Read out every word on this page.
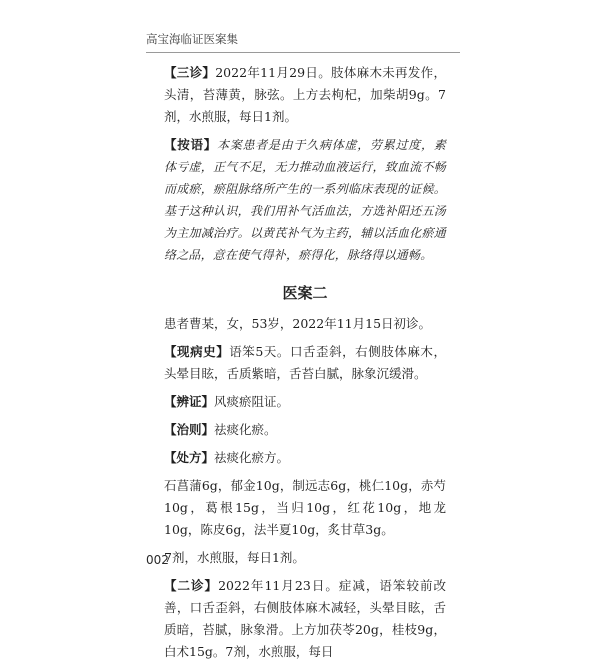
高宝海临证医案集

【三诊】2022年11月29日。肢体麻木未再发作，头清，苔薄黄，脉弦。上方去枸杞，加柴胡9g。7剂，水煎服，每日1剂。

【按语】本案患者是由于久病体虚，劳累过度，素体亏虚，正气不足，无力推动血液运行，致血流不畅而成瘀，瘀阻脉络所产生的一系列临床表现的证候。基于这种认识，我们用补气活血法，方选补阳还五汤为主加减治疗。以黄芪补气为主药，辅以活血化瘀通络之品，意在使气得补，瘀得化，脉络得以通畅。

医案二

患者曹某，女，53岁，2022年11月15日初诊。

【现病史】语笨5天。口舌歪斜，右侧肢体麻木，头晕目眩，舌质紫暗，舌苔白腻，脉象沉缓滑。

【辨证】风痰瘀阻证。

【治则】祛痰化瘀。

【处方】祛痰化瘀方。

石菖蒲6g，郁金10g，制远志6g，桃仁10g，赤芍10g，葛根15g，当归10g，红花10g，地龙10g，陈皮6g，法半夏10g，炙甘草3g。

7剂，水煎服，每日1剂。

【二诊】2022年11月23日。症减，语笨较前改善，口舌歪斜，右侧肢体麻木减轻，头晕目眩，舌质暗，苔腻，脉象滑。上方加茯苓20g，桂枝9g，白术15g。7剂，水煎服，每日

002
